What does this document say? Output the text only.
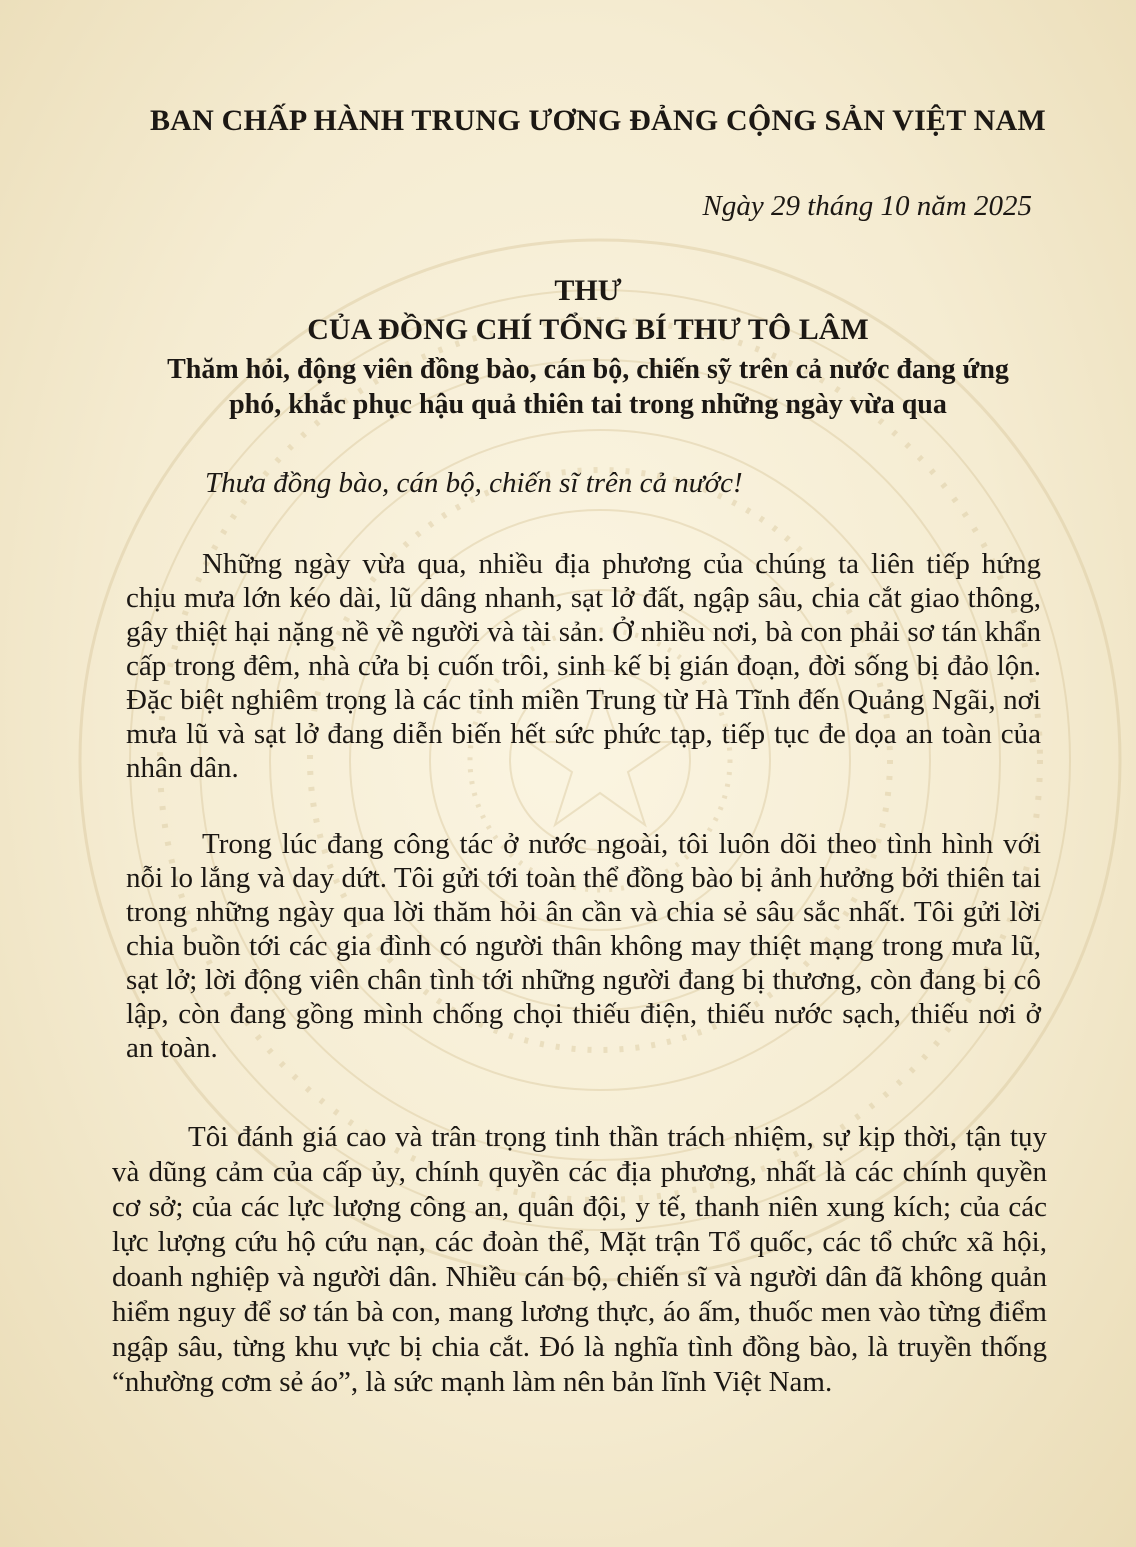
BAN CHẤP HÀNH TRUNG ƯƠNG ĐẢNG CỘNG SẢN VIỆT NAM
Ngày 29 tháng 10 năm 2025
THƯ
CỦA ĐỒNG CHÍ TỔNG BÍ THƯ TÔ LÂM
Thăm hỏi, động viên đồng bào, cán bộ, chiến sỹ trên cả nước đang ứng
phó, khắc phục hậu quả thiên tai trong những ngày vừa qua
Thưa đồng bào, cán bộ, chiến sĩ trên cả nước!
Những ngày vừa qua, nhiều địa phương của chúng ta liên tiếp hứng chịu mưa lớn kéo dài, lũ dâng nhanh, sạt lở đất, ngập sâu, chia cắt giao thông, gây thiệt hại nặng nề về người và tài sản. Ở nhiều nơi, bà con phải sơ tán khẩn cấp trong đêm, nhà cửa bị cuốn trôi, sinh kế bị gián đoạn, đời sống bị đảo lộn. Đặc biệt nghiêm trọng là các tỉnh miền Trung từ Hà Tĩnh đến Quảng Ngãi, nơi mưa lũ và sạt lở đang diễn biến hết sức phức tạp, tiếp tục đe dọa an toàn của nhân dân.
Trong lúc đang công tác ở nước ngoài, tôi luôn dõi theo tình hình với nỗi lo lắng và day dứt. Tôi gửi tới toàn thể đồng bào bị ảnh hưởng bởi thiên tai trong những ngày qua lời thăm hỏi ân cần và chia sẻ sâu sắc nhất. Tôi gửi lời chia buồn tới các gia đình có người thân không may thiệt mạng trong mưa lũ, sạt lở; lời động viên chân tình tới những người đang bị thương, còn đang bị cô lập, còn đang gồng mình chống chọi thiếu điện, thiếu nước sạch, thiếu nơi ở an toàn.
Tôi đánh giá cao và trân trọng tinh thần trách nhiệm, sự kịp thời, tận tụy và dũng cảm của cấp ủy, chính quyền các địa phương, nhất là các chính quyền cơ sở; của các lực lượng công an, quân đội, y tế, thanh niên xung kích; của các lực lượng cứu hộ cứu nạn, các đoàn thể, Mặt trận Tổ quốc, các tổ chức xã hội, doanh nghiệp và người dân. Nhiều cán bộ, chiến sĩ và người dân đã không quản hiểm nguy để sơ tán bà con, mang lương thực, áo ấm, thuốc men vào từng điểm ngập sâu, từng khu vực bị chia cắt. Đó là nghĩa tình đồng bào, là truyền thống “nhường cơm sẻ áo”, là sức mạnh làm nên bản lĩnh Việt Nam.
